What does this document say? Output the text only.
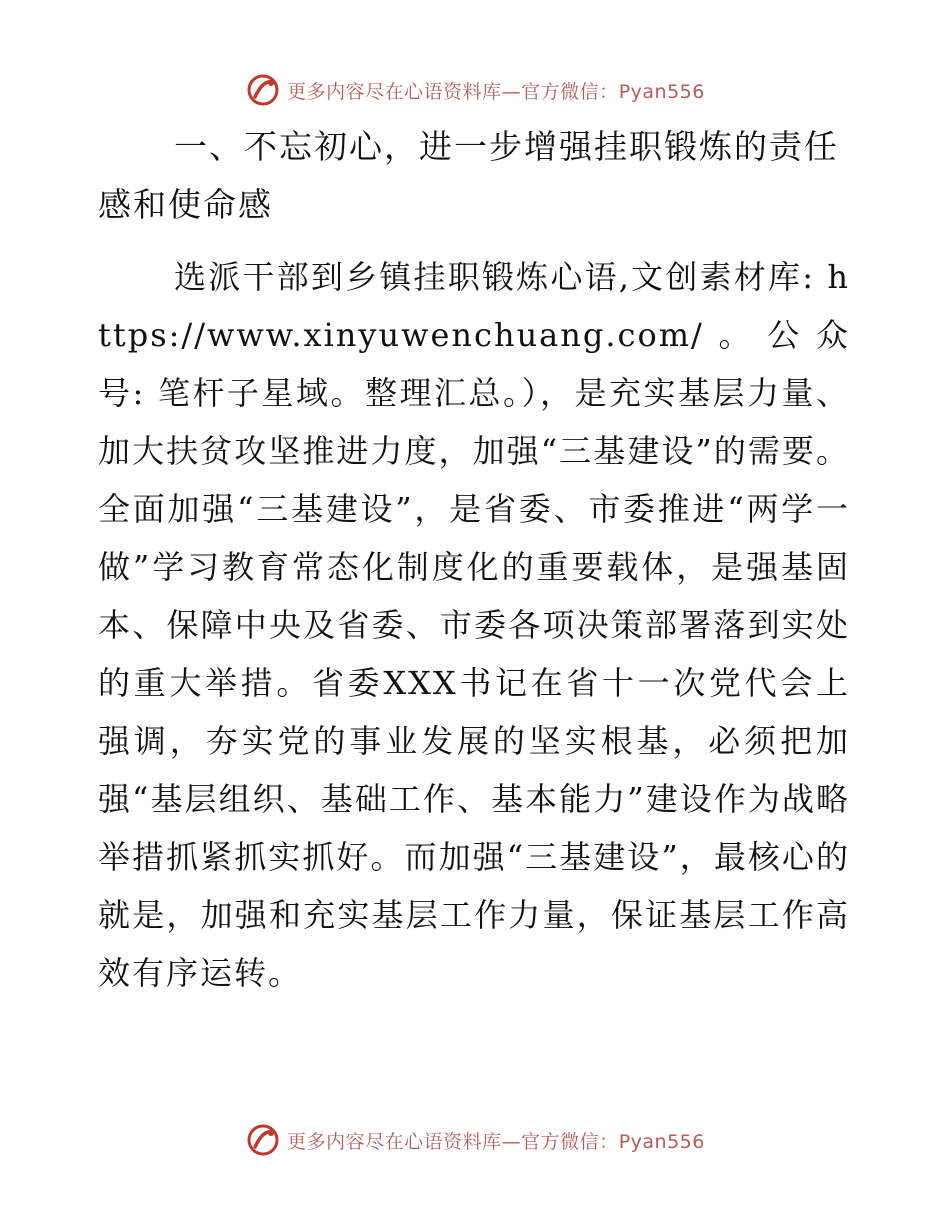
更多内容尽在心语资料库—官方微信：Pyan556
一、不忘初心，进一步增强挂职锻炼的责任感和使命感

选派干部到乡镇挂职锻炼心语,文创素材库: https://www.xinyuwenchuang.com/。公众号: 笔杆子星域。整理汇总。），是充实基层力量、加大扶贫攻坚推进力度，加强“三基建设”的需要。全面加强“三基建设”，是省委、市委推进“两学一做”学习教育常态化制度化的重要载体，是强基固本、保障中央及省委、市委各项决策部署落到实处的重大举措。省委XXX书记在省十一次党代会上强调，夯实党的事业发展的坚实根基，必须把加强“基层组织、基础工作、基本能力”建设作为战略举措抓紧抓实抓好。而加强“三基建设”，最核心的就是，加强和充实基层工作力量，保证基层工作高效有序运转。

更多内容尽在心语资料库—官方微信：Pyan556
